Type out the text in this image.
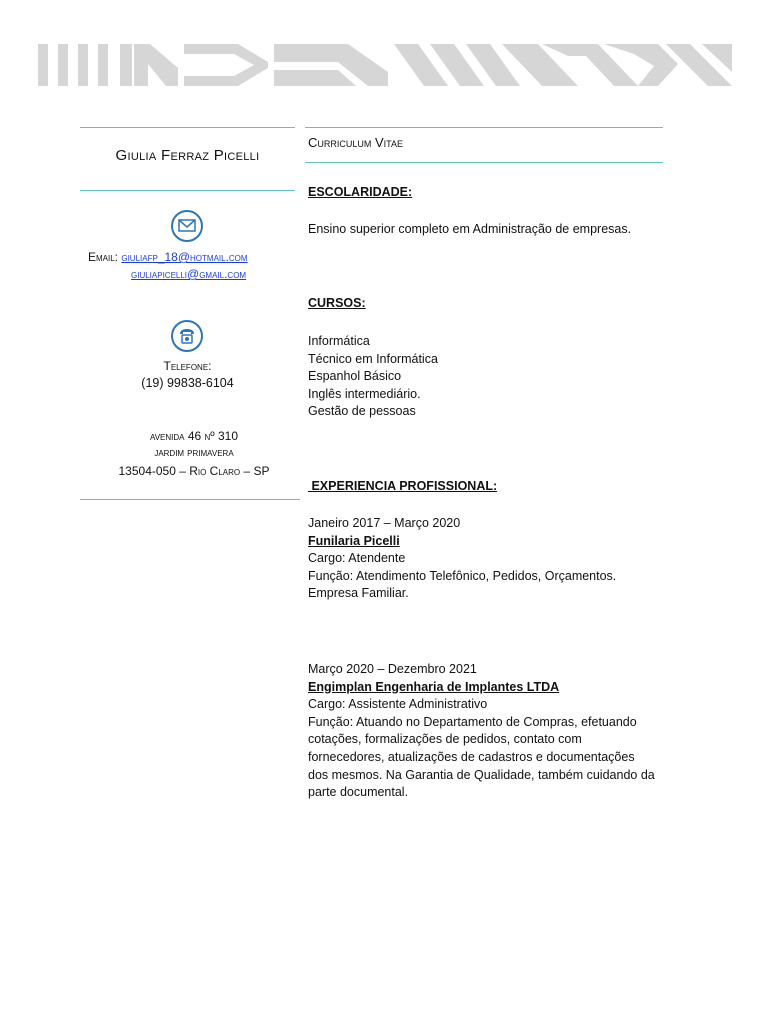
Giulia Ferraz Picelli
Email: giuliafp_18@hotmail.com
giuliapicelli@gmail.com
Telefone:
(19) 99838-6104
avenida 46 nº 310
jardim primavera
13504-050 – Rio Claro – SP
Curriculum Vitae
ESCOLARIDADE:
Ensino superior completo em Administração de empresas.
CURSOS:
Informática
Técnico em Informática
Espanhol Básico
Inglês intermediário.
Gestão de pessoas
EXPERIENCIA PROFISSIONAL:
Janeiro 2017 – Março 2020
Funilaria Picelli
Cargo: Atendente
Função: Atendimento Telefônico, Pedidos, Orçamentos.
Empresa Familiar.
Março 2020 – Dezembro 2021
Engimplan Engenharia de Implantes LTDA
Cargo: Assistente Administrativo
Função: Atuando no Departamento de Compras, efetuando cotações, formalizações de pedidos, contato com fornecedores, atualizações de cadastros e documentações dos mesmos. Na Garantia de Qualidade, também cuidando da parte documental.
